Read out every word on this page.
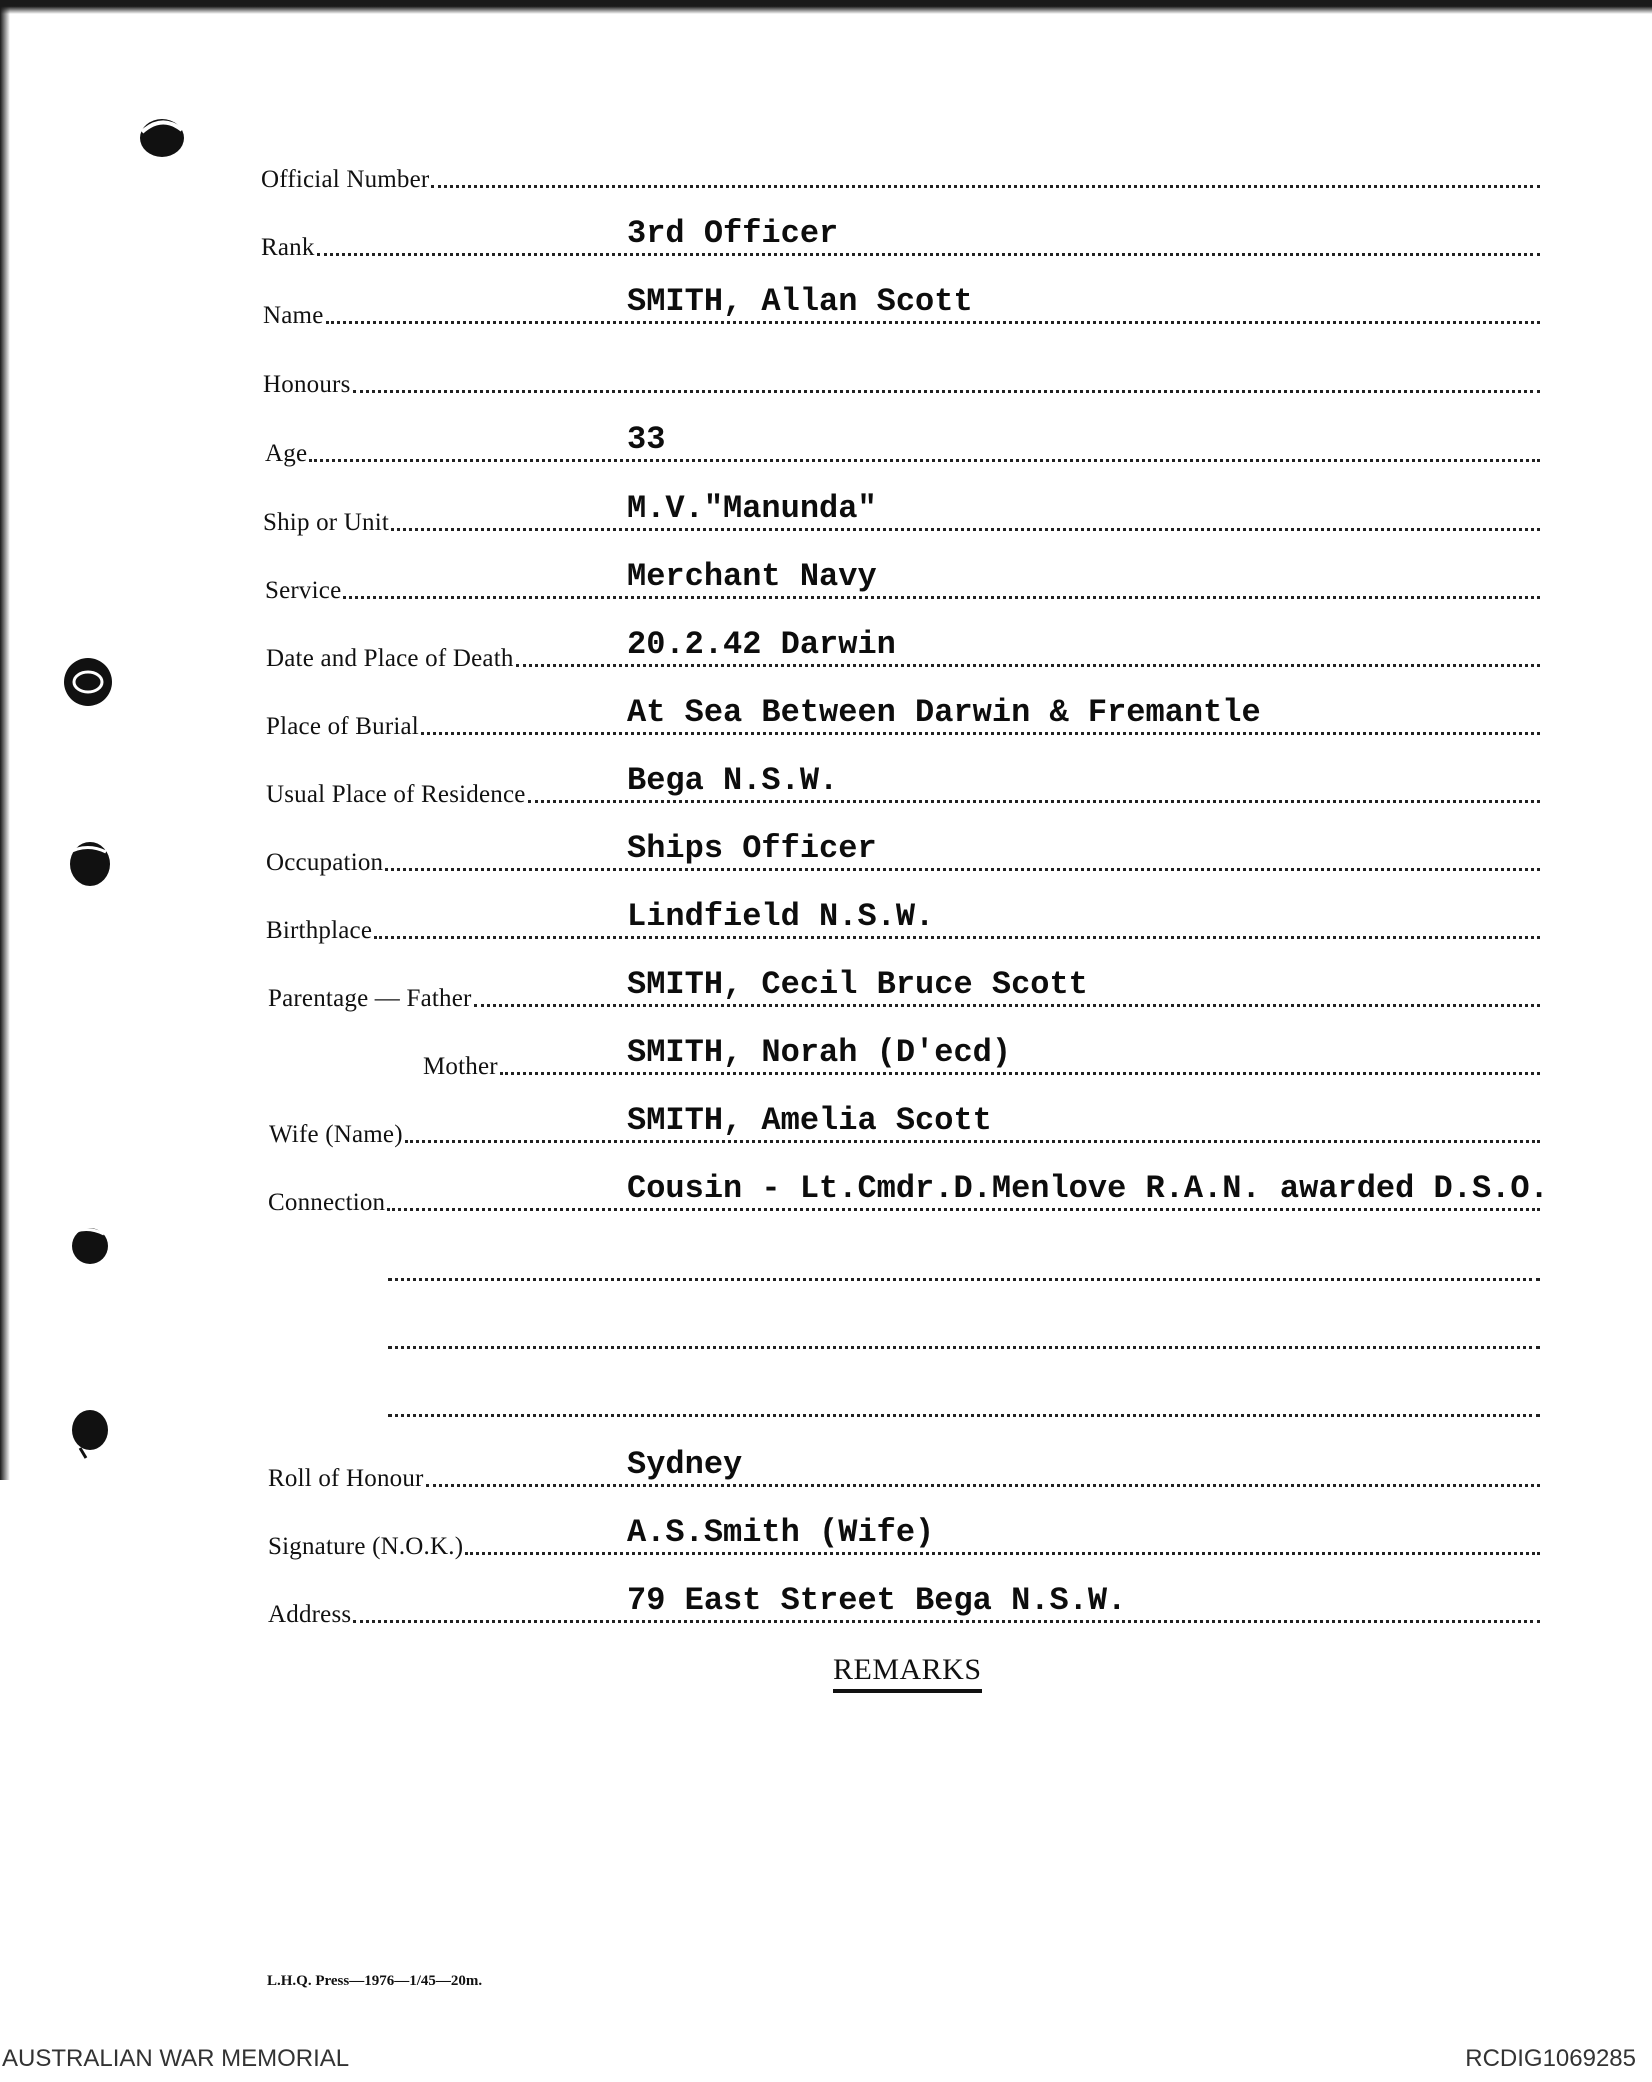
Official Number
Rank	3rd Officer
Name	SMITH, Allan Scott
Honours
Age	33
Ship or Unit	M.V."Manunda"
Service	Merchant Navy
Date and Place of Death	20.2.42 Darwin
Place of Burial	At Sea Between Darwin & Fremantle
Usual Place of Residence	Bega N.S.W.
Occupation	Ships Officer
Birthplace	Lindfield N.S.W.
Parentage — Father	SMITH, Cecil Bruce Scott
Mother	SMITH, Norah (D'ecd)
Wife (Name)	SMITH, Amelia Scott
Connection	Cousin - Lt.Cmdr.D.Menlove R.A.N. awarded D.S.O.
Roll of Honour	Sydney
Signature (N.O.K.)	A.S.Smith (Wife)
Address	79 East Street Bega N.S.W.
REMARKS
L.H.Q. Press—1976—1/45—20m.
AUSTRALIAN WAR MEMORIAL	RCDIG1069285
